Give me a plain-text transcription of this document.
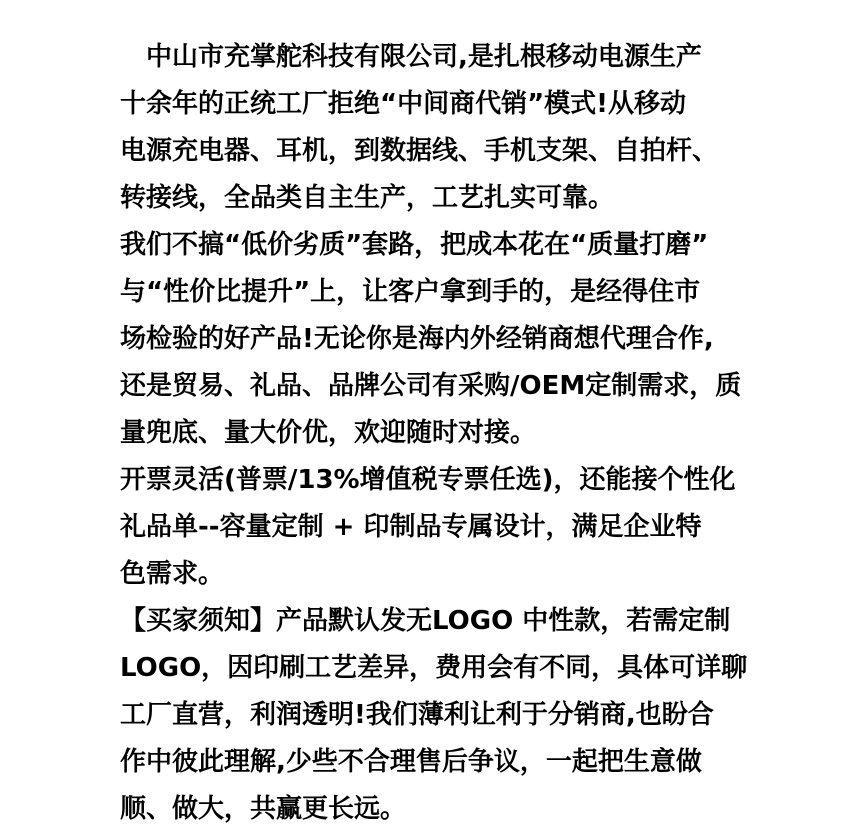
中山市充掌舵科技有限公司,是扎根移动电源生产
十余年的正统工厂拒绝“中间商代销”模式!从移动
电源充电器、耳机，到数据线、手机支架、自拍杆、
转接线，全品类自主生产，工艺扎实可靠。
我们不搞“低价劣质”套路，把成本花在“质量打磨”
与“性价比提升”上，让客户拿到手的，是经得住市
场检验的好产品!无论你是海内外经销商想代理合作,
还是贸易、礼品、品牌公司有采购/OEM定制需求，质
量兜底、量大价优，欢迎随时对接。
开票灵活(普票/13%增值税专票任选)，还能接个性化
礼品单--容量定制 + 印制品专属设计，满足企业特
色需求。
【买家须知】产品默认发无LOGO 中性款，若需定制
LOGO，因印刷工艺差异，费用会有不同，具体可详聊
工厂直营，利润透明!我们薄利让利于分销商,也盼合
作中彼此理解,少些不合理售后争议，一起把生意做
顺、做大，共赢更长远。
